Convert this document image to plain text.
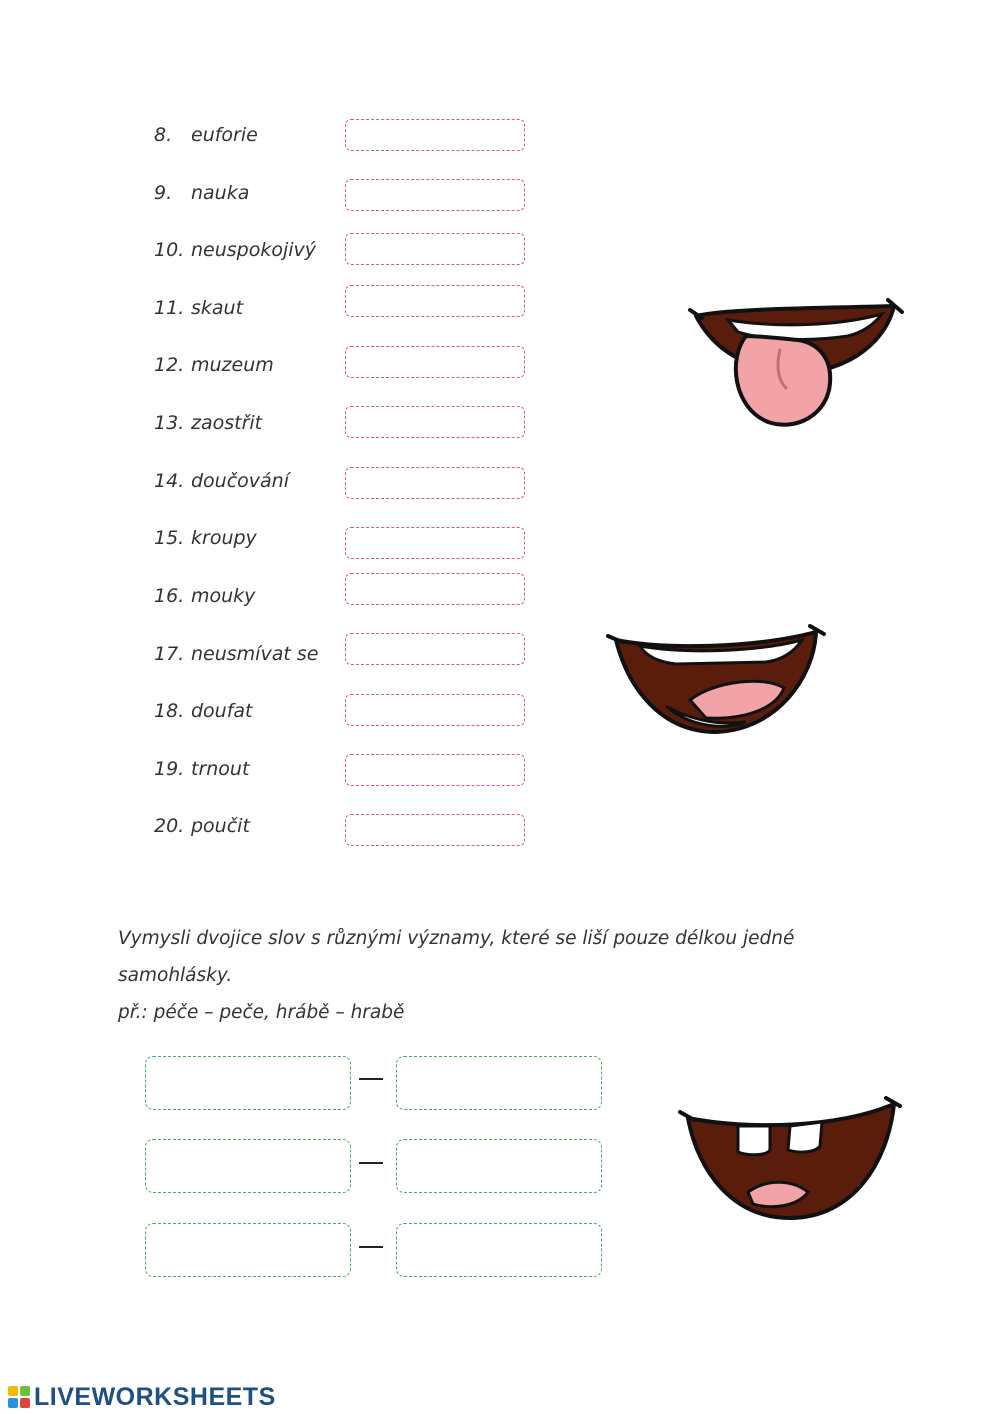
8. euforie
9. nauka
10. neuspokojivý
11. skaut
12. muzeum
13. zaostřit
14. doučování
15. kroupy
16. mouky
17. neusmívat se
18. doufat
19. trnout
20. poučit
Vymysli dvojice slov s různými významy, které se liší pouze délkou jedné
samohlásky.
př.: péče – peče, hrábě – hrabě
LIVEWORKSHEETS
